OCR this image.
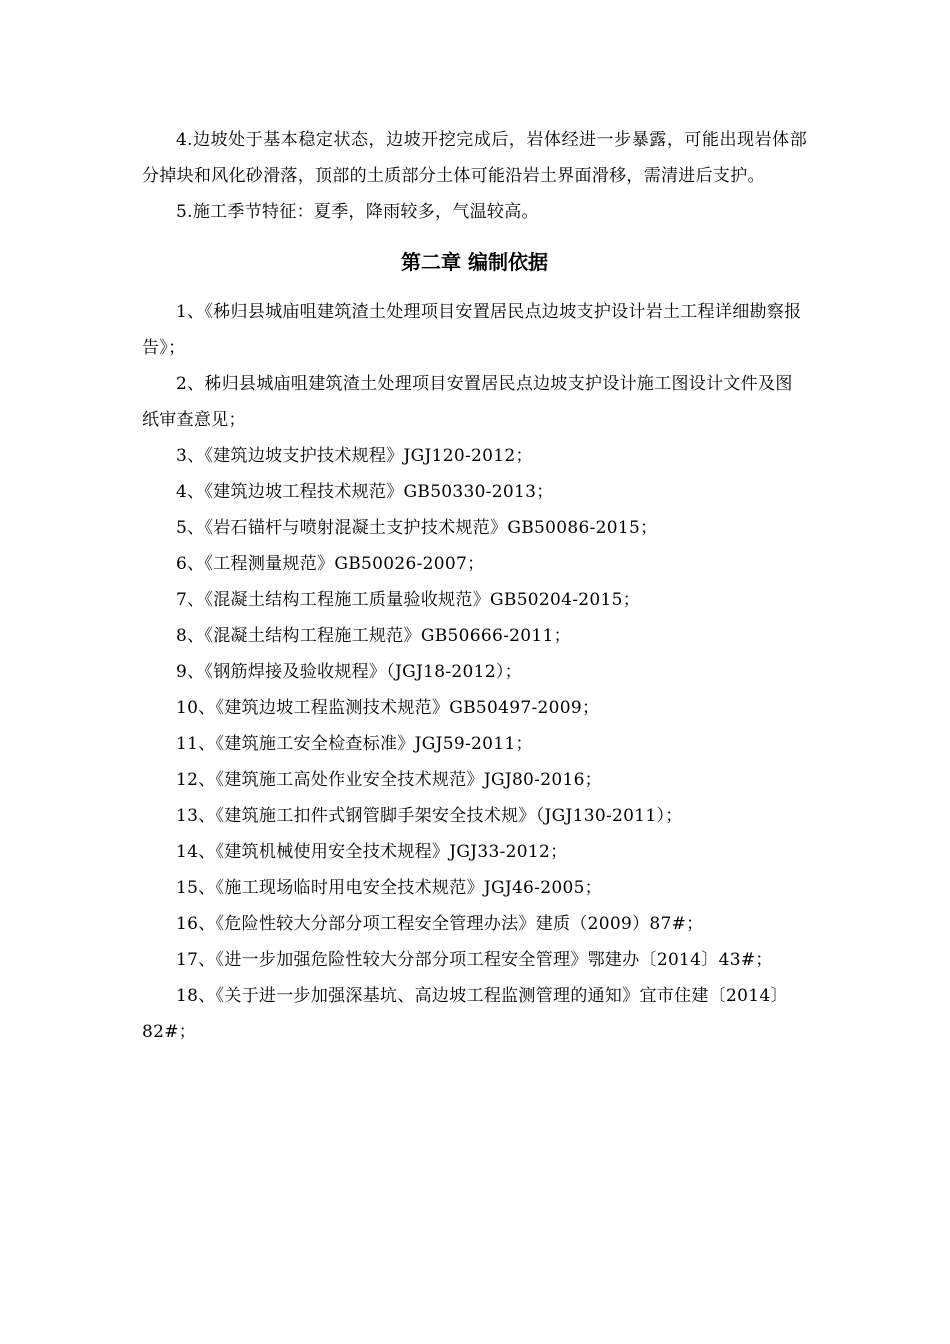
4.边坡处于基本稳定状态，边坡开挖完成后，岩体经进一步暴露，可能出现岩体部分掉块和风化砂滑落，顶部的土质部分土体可能沿岩土界面滑移，需清进后支护。

5.施工季节特征：夏季，降雨较多，气温较高。

第二章 编制依据

1、《秭归县城庙咀建筑渣土处理项目安置居民点边坡支护设计岩土工程详细勘察报告》；

2、秭归县城庙咀建筑渣土处理项目安置居民点边坡支护设计施工图设计文件及图纸审查意见；

3、《建筑边坡支护技术规程》JGJ120-2012；

4、《建筑边坡工程技术规范》GB50330-2013；

5、《岩石锚杆与喷射混凝土支护技术规范》GB50086-2015；

6、《工程测量规范》GB50026-2007；

7、《混凝土结构工程施工质量验收规范》GB50204-2015；

8、《混凝土结构工程施工规范》GB50666-2011；

9、《钢筋焊接及验收规程》（JGJ18-2012）；

10、《建筑边坡工程监测技术规范》GB50497-2009；

11、《建筑施工安全检查标准》JGJ59-2011；

12、《建筑施工高处作业安全技术规范》JGJ80-2016；

13、《建筑施工扣件式钢管脚手架安全技术规》（JGJ130-2011）；

14、《建筑机械使用安全技术规程》JGJ33-2012；

15、《施工现场临时用电安全技术规范》JGJ46-2005；

16、《危险性较大分部分项工程安全管理办法》建质（2009）87#；

17、《进一步加强危险性较大分部分项工程安全管理》鄂建办〔2014〕43#；

18、《关于进一步加强深基坑、高边坡工程监测管理的通知》宜市住建〔2014〕82#；
